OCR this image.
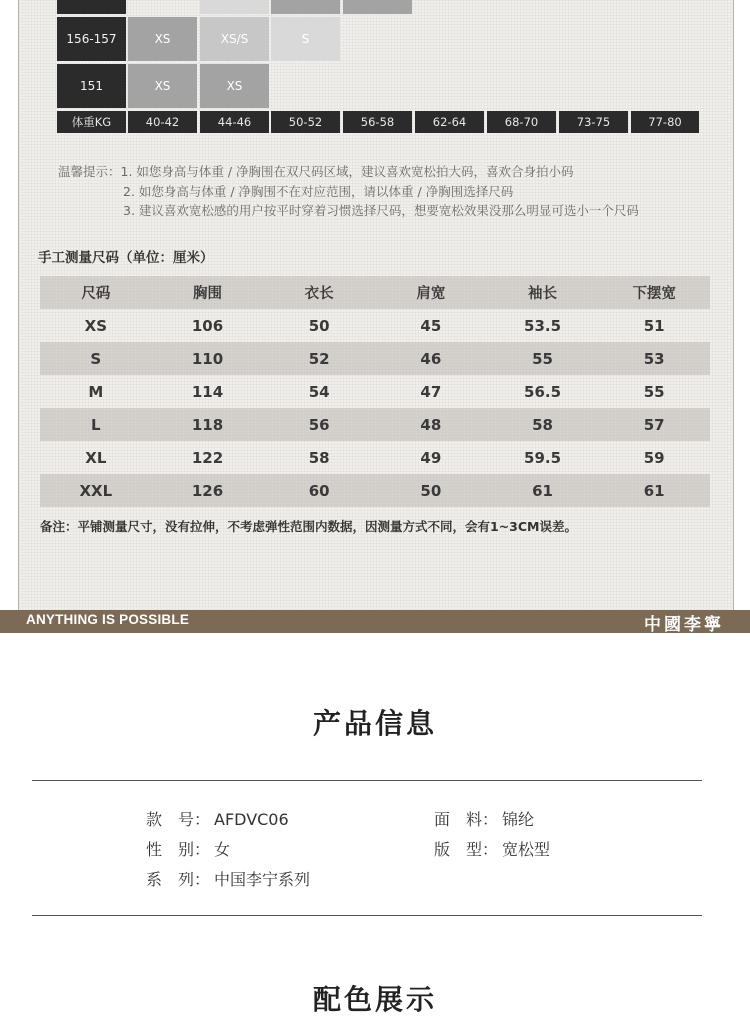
156-157	XS	XS/S	S
151	XS	XS
体重KG	40-42	44-46	50-52	56-58	62-64	68-70	73-75	77-80
温馨提示：1. 如您身高与体重 / 净胸围在双尺码区域，建议喜欢宽松拍大码，喜欢合身拍小码
2. 如您身高与体重 / 净胸围不在对应范围，请以体重 / 净胸围选择尺码
3. 建议喜欢宽松感的用户按平时穿着习惯选择尺码，想要宽松效果没那么明显可选小一个尺码
手工测量尺码（单位：厘米）
尺码	胸围	衣长	肩宽	袖长	下摆宽
XS	106	50	45	53.5	51
S	110	52	46	55	53
M	114	54	47	56.5	55
L	118	56	48	58	57
XL	122	58	49	59.5	59
XXL	126	60	50	61	61
备注：平铺测量尺寸，没有拉伸，不考虑弹性范围内数据，因测量方式不同，会有1~3CM误差。
ANYTHING IS POSSIBLE	中國李寧
产品信息
款　号： AFDVC06	面　料： 锦纶
性　别： 女	版　型： 宽松型
系　列： 中国李宁系列
配色展示
